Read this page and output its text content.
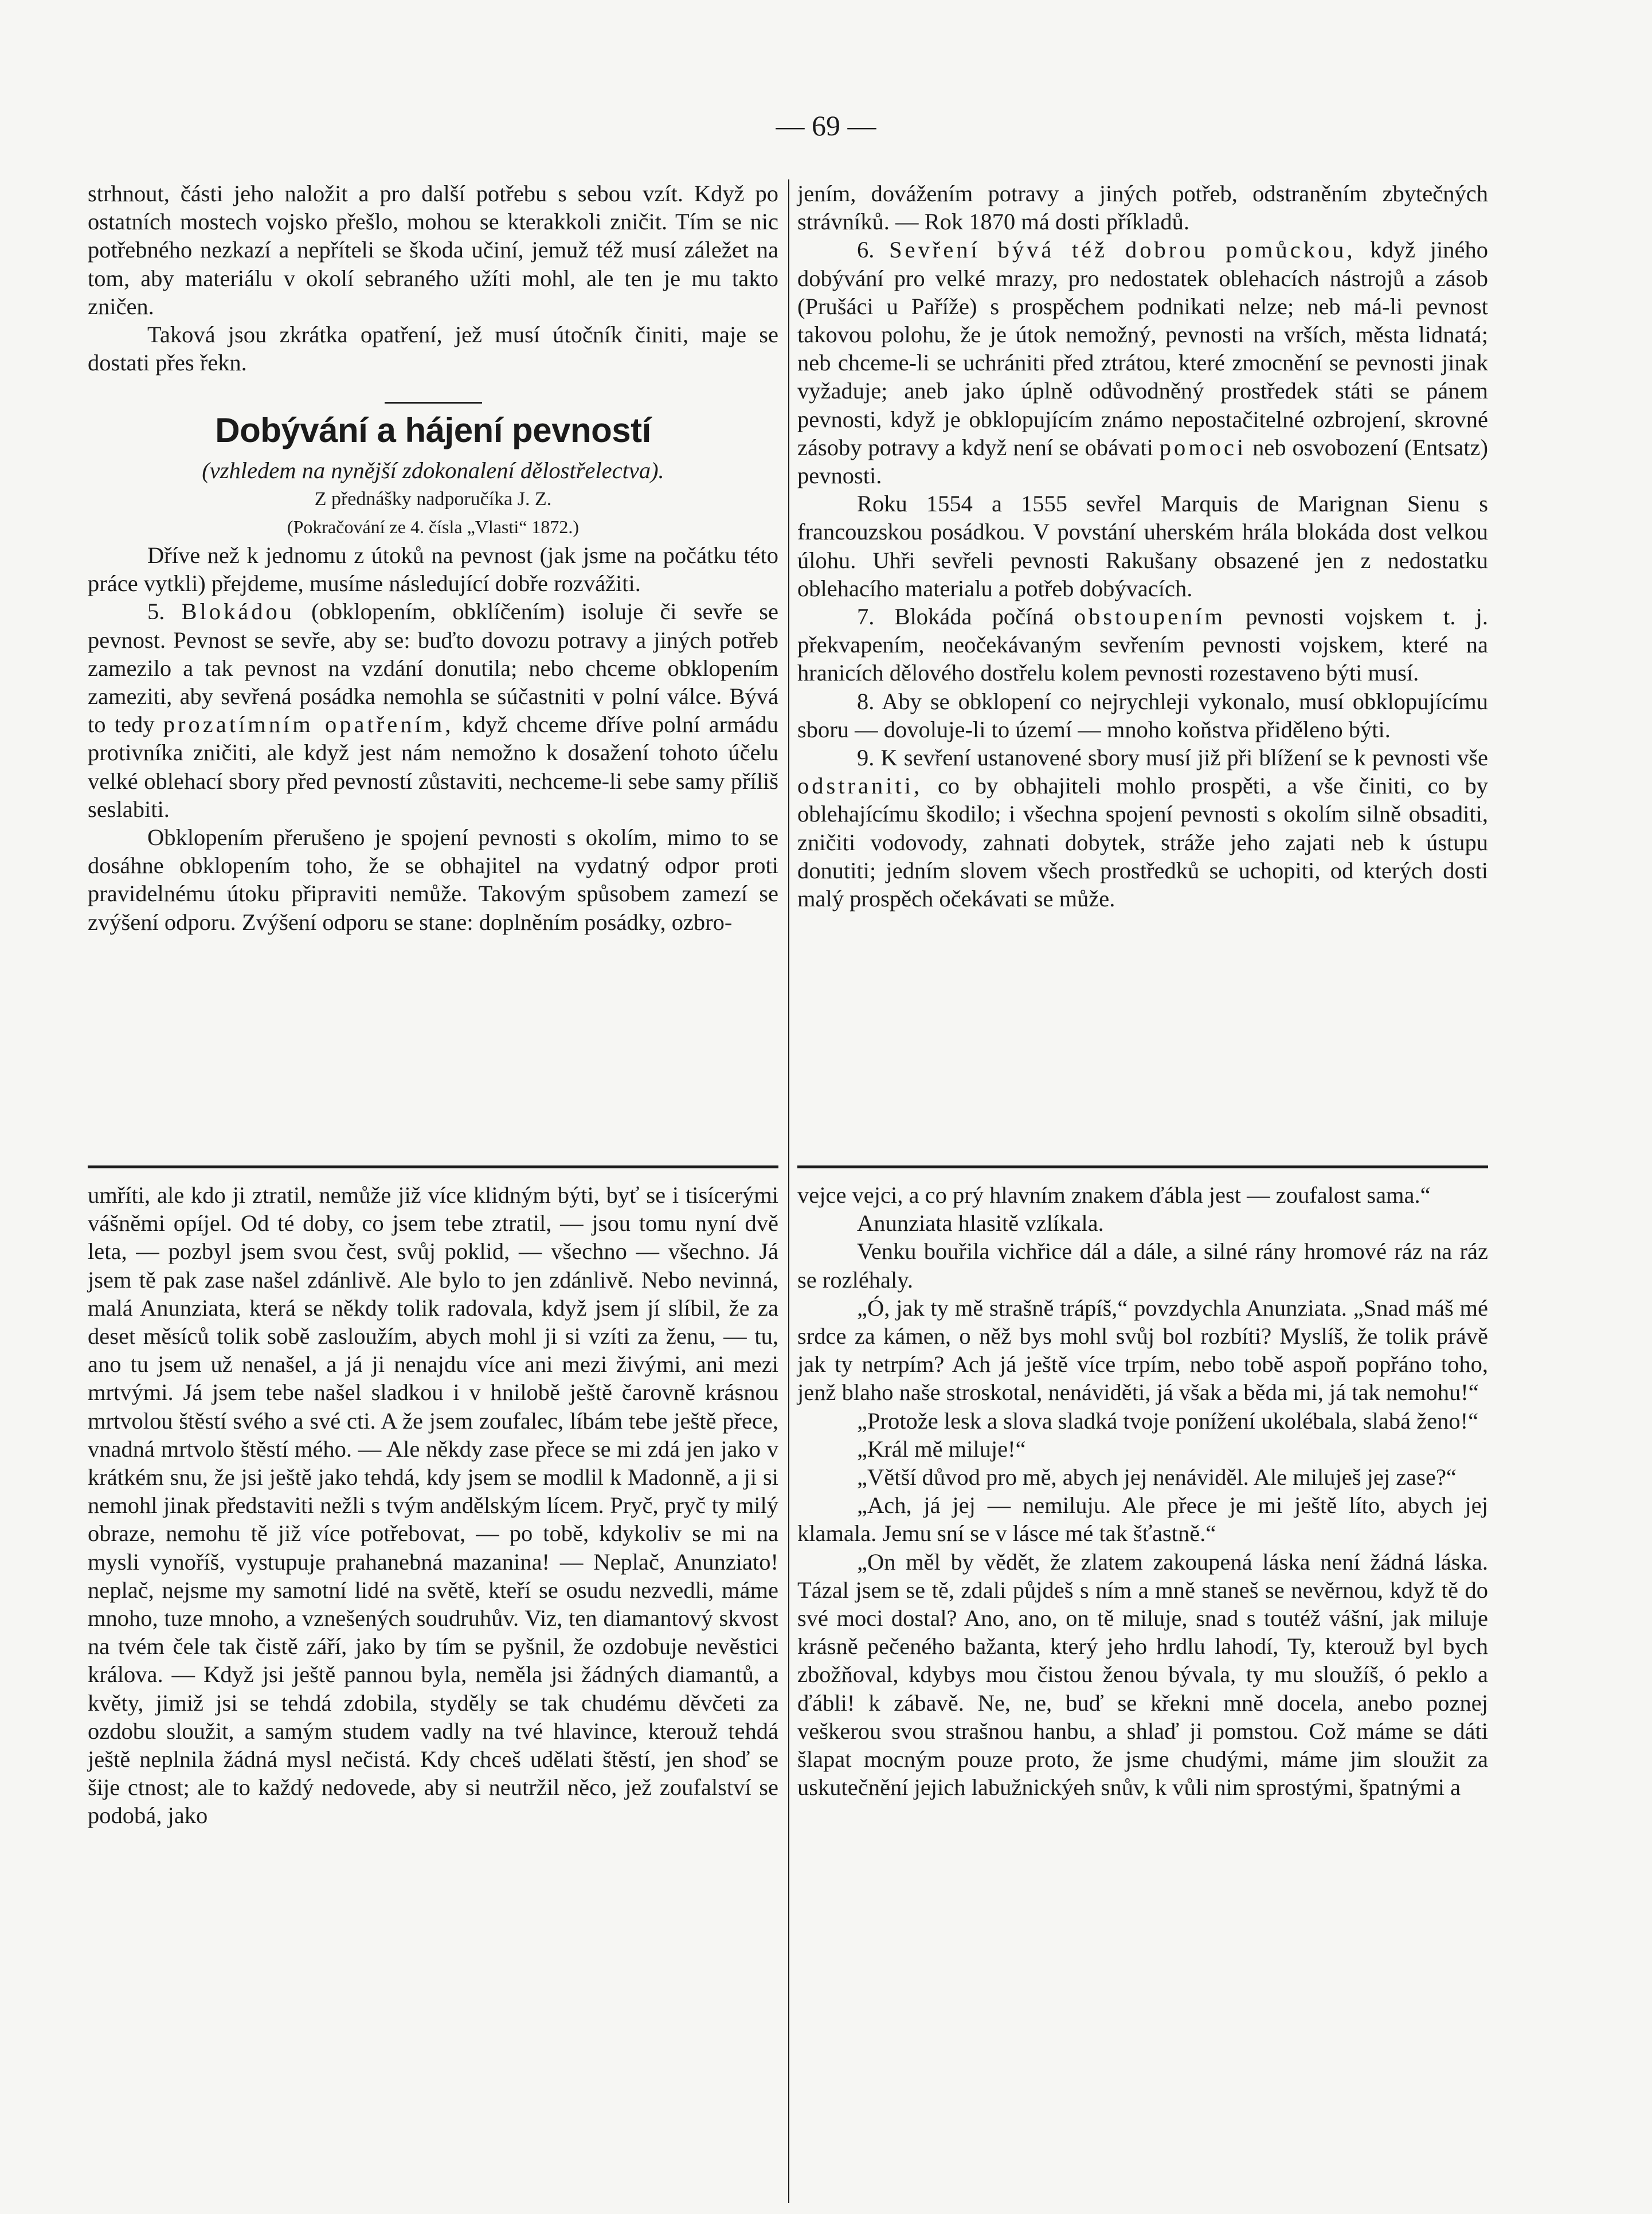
— 69 —

strhnout, části jeho naložit a pro další potřebu s sebou vzít. Když po ostatních mostech vojsko přešlo, mohou se kterakkoli zničit. Tím se nic potřebného nezkazí a nepříteli se škoda učiní, jemuž též musí záležet na tom, aby materiálu v okolí sebraného užíti mohl, ale ten je mu takto zničen.

Taková jsou zkrátka opatření, jež musí útočník činiti, maje se dostati přes řekn.

Dobývání a hájení pevností

(vzhledem na nynější zdokonalení dělostřelectva).

Z přednášky nadporučíka J. Z.

(Pokračování ze 4. čísla „Vlasti“ 1872.)

Dříve než k jednomu z útoků na pevnost (jak jsme na počátku této práce vytkli) přejdeme, musíme následující dobře rozvážiti.

5. Blokádou (obklopením, obklíčením) isoluje či sevře se pevnost. Pevnost se sevře, aby se: buďto dovozu potravy a jiných potřeb zamezilo a tak pevnost na vzdání donutila; nebo chceme obklopením zameziti, aby sevřená posádka nemohla se súčastniti v polní válce. Bývá to tedy prozatímním opatřením, když chceme dříve polní armádu protivníka zničiti, ale když jest nám nemožno k dosažení tohoto účelu velké oblehací sbory před pevností zůstaviti, nechceme-li sebe samy příliš seslabiti.

Obklopením přerušeno je spojení pevnosti s okolím, mimo to se dosáhne obklopením toho, že se obhajitel na vydatný odpor proti pravidelnému útoku připraviti nemůže. Takovým spůsobem zamezí se zvýšení odporu. Zvýšení odporu se stane: doplněním posádky, ozbro-

jením, dovážením potravy a jiných potřeb, odstraněním zbytečných strávníků. — Rok 1870 má dosti příkladů.

6. Sevření bývá též dobrou pomůckou, když jiného dobývání pro velké mrazy, pro nedostatek oblehacích nástrojů a zásob (Prušáci u Paříže) s prospěchem podnikati nelze; neb má-li pevnost takovou polohu, že je útok nemožný, pevnosti na vrších, města lidnatá; neb chceme-li se uchrániti před ztrátou, které zmocnění se pevnosti jinak vyžaduje; aneb jako úplně odůvodněný prostředek státi se pánem pevnosti, když je obklopujícím známo nepostačitelné ozbrojení, skrovné zásoby potravy a když není se obávati pomoci neb osvobození (Entsatz) pevnosti.

Roku 1554 a 1555 sevřel Marquis de Marignan Sienu s francouzskou posádkou. V povstání uherském hrála blokáda dost velkou úlohu. Uhři sevřeli pevnosti Rakušany obsazené jen z nedostatku oblehacího materialu a potřeb dobývacích.

7. Blokáda počíná obstoupením pevnosti vojskem t. j. překvapením, neočekávaným sevřením pevnosti vojskem, které na hranicích dělového dostřelu kolem pevnosti rozestaveno býti musí.

8. Aby se obklopení co nejrychleji vykonalo, musí obklopujícímu sboru — dovoluje-li to území — mnoho koňstva přiděleno býti.

9. K sevření ustanovené sbory musí již při blížení se k pevnosti vše odstraniti, co by obhajiteli mohlo prospěti, a vše činiti, co by oblehajícímu škodilo; i všechna spojení pevnosti s okolím silně obsaditi, zničiti vodovody, zahnati dobytek, stráže jeho zajati neb k ústupu donutiti; jedním slovem všech prostředků se uchopiti, od kterých dosti malý prospěch očekávati se může.

umříti, ale kdo ji ztratil, nemůže již více klidným býti, byť se i tisícerými vášněmi opíjel. Od té doby, co jsem tebe ztratil, — jsou tomu nyní dvě leta, — pozbyl jsem svou čest, svůj poklid, — všechno — všechno. Já jsem tě pak zase našel zdánlivě. Ale bylo to jen zdánlivě. Nebo nevinná, malá Anunziata, která se někdy tolik radovala, když jsem jí slíbil, že za deset měsíců tolik sobě zasloužím, abych mohl ji si vzíti za ženu, — tu, ano tu jsem už nenašel, a já ji nenajdu více ani mezi živými, ani mezi mrtvými. Já jsem tebe našel sladkou i v hnilobě ještě čarovně krásnou mrtvolou štěstí svého a své cti. A že jsem zoufalec, líbám tebe ještě přece, vnadná mrtvolo štěstí mého. — Ale někdy zase přece se mi zdá jen jako v krátkém snu, že jsi ještě jako tehdá, kdy jsem se modlil k Madonně, a ji si nemohl jinak představiti nežli s tvým andělským lícem. Pryč, pryč ty milý obraze, nemohu tě již více potřebovat, — po tobě, kdykoliv se mi na mysli vynoříš, vystupuje prahanebná mazanina! — Neplač, Anunziato! neplač, nejsme my samotní lidé na světě, kteří se osudu nezvedli, máme mnoho, tuze mnoho, a vznešených soudruhův. Viz, ten diamantový skvost na tvém čele tak čistě září, jako by tím se pyšnil, že ozdobuje nevěstici králova. — Když jsi ještě pannou byla, neměla jsi žádných diamantů, a květy, jimiž jsi se tehdá zdobila, styděly se tak chudému děvčeti za ozdobu sloužit, a samým studem vadly na tvé hlavince, kterouž tehdá ještě neplnila žádná mysl nečistá. Kdy chceš udělati štěstí, jen shoď se šije ctnost; ale to každý nedovede, aby si neutržil něco, jež zoufalství se podobá, jako

vejce vejci, a co prý hlavním znakem ďábla jest — zoufalost sama.“

Anunziata hlasitě vzlíkala.

Venku bouřila vichřice dál a dále, a silné rány hromové ráz na ráz se rozléhaly.

„Ó, jak ty mě strašně trápíš,“ povzdychla Anunziata. „Snad máš mé srdce za kámen, o něž bys mohl svůj bol rozbíti? Myslíš, že tolik právě jak ty netrpím? Ach já ještě více trpím, nebo tobě aspoň popřáno toho, jenž blaho naše stroskotal, nenáviděti, já však a běda mi, já tak nemohu!“

„Protože lesk a slova sladká tvoje ponížení ukolébala, slabá ženo!“

„Král mě miluje!“

„Větší důvod pro mě, abych jej nenáviděl. Ale miluješ jej zase?“

„Ach, já jej — nemiluju. Ale přece je mi ještě líto, abych jej klamala. Jemu sní se v lásce mé tak šťastně.“

„On měl by vědět, že zlatem zakoupená láska není žádná láska. Tázal jsem se tě, zdali půjdeš s ním a mně staneš se nevěrnou, když tě do své moci dostal? Ano, ano, on tě miluje, snad s toutéž vášní, jak miluje krásně pečeného bažanta, který jeho hrdlu lahodí, Ty, kterouž byl bych zbožňoval, kdybys mou čistou ženou bývala, ty mu sloužíš, ó peklo a ďábli! k zábavě. Ne, ne, buď se křekni mně docela, anebo poznej veškerou svou strašnou hanbu, a shlaď ji pomstou. Což máme se dáti šlapat mocným pouze proto, že jsme chudými, máme jim sloužit za uskutečnění jejich labužnickýeh snův, k vůli nim sprostými, špatnými a
